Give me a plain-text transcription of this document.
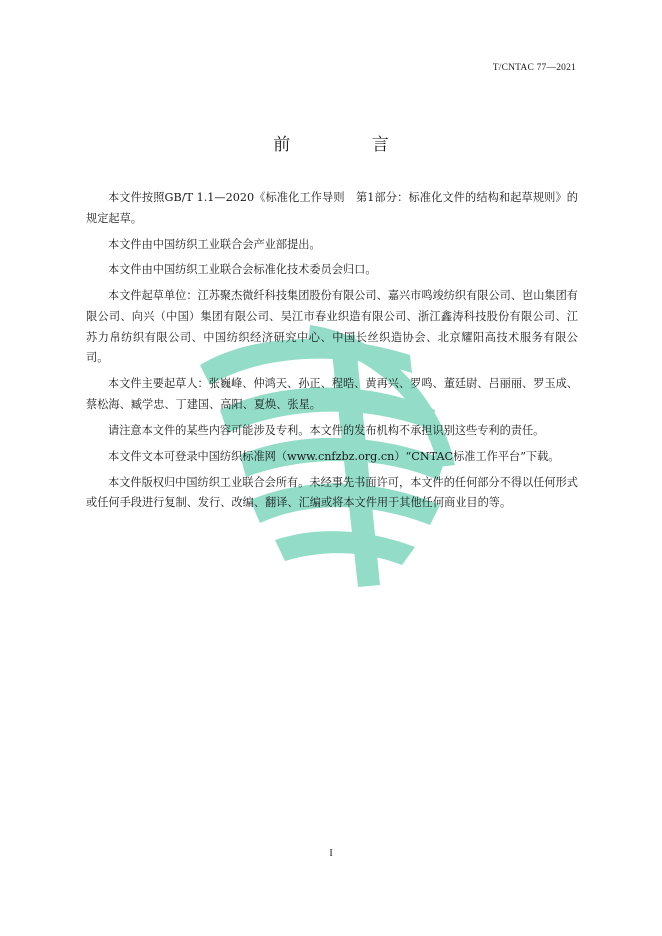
T/CNTAC 77—2021
前 言

本文件按照GB/T 1.1—2020《标准化工作导则　第1部分：标准化文件的结构和起草规则》的规定起草。

本文件由中国纺织工业联合会产业部提出。

本文件由中国纺织工业联合会标准化技术委员会归口。

本文件起草单位：江苏聚杰微纤科技集团股份有限公司、嘉兴市鸣竣纺织有限公司、岜山集团有限公司、向兴（中国）集团有限公司、吴江市春业织造有限公司、浙江鑫涛科技股份有限公司、江苏力帛纺织有限公司、中国纺织经济研究中心、中国长丝织造协会、北京耀阳高技术服务有限公司。

本文件主要起草人：张巍峰、仲鸿天、孙正、程晧、黄再兴、罗鸣、董廷尉、吕丽丽、罗玉成、蔡松海、臧学忠、丁建国、高阳、夏焕、张星。

请注意本文件的某些内容可能涉及专利。本文件的发布机构不承担识别这些专利的责任。

本文件文本可登录中国纺织标准网（www.cnfzbz.org.cn）“CNTAC标准工作平台”下载。

本文件版权归中国纺织工业联合会所有。未经事先书面许可，本文件的任何部分不得以任何形式或任何手段进行复制、发行、改编、翻译、汇编或将本文件用于其他任何商业目的等。

I
